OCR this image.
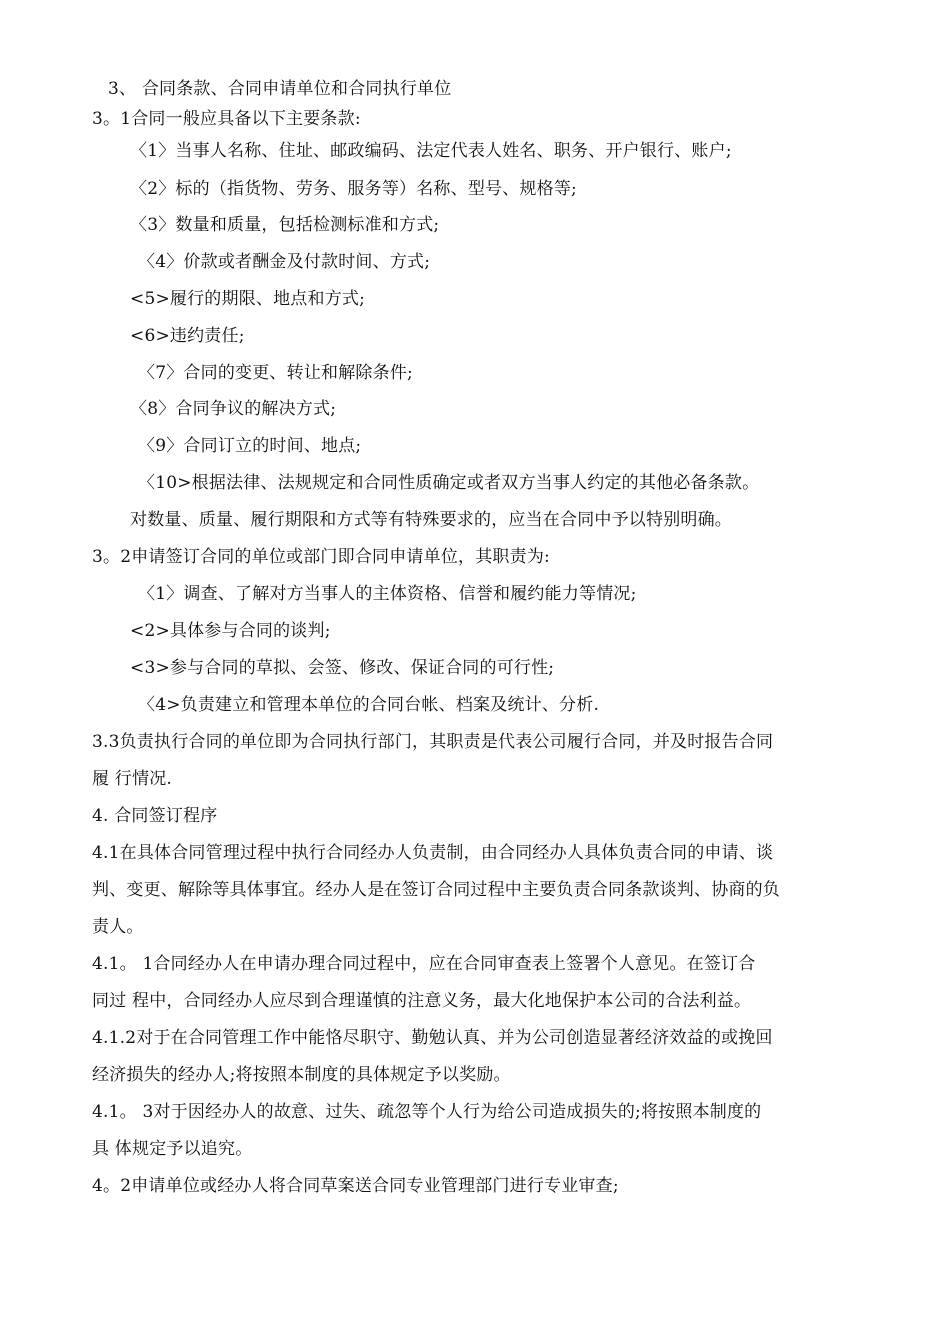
3、 合同条款、合同申请单位和合同执行单位
3。1合同一般应具备以下主要条款:
〈1〉当事人名称、住址、邮政编码、法定代表人姓名、职务、开户银行、账户;
〈2〉标的（指货物、劳务、服务等）名称、型号、规格等;
〈3〉数量和质量，包括检测标准和方式;
〈4〉价款或者酬金及付款时间、方式;
<5>履行的期限、地点和方式;
<6>违约责任;
〈7〉合同的变更、转让和解除条件;
〈8〉合同争议的解决方式;
〈9〉合同订立的时间、地点;
〈10>根据法律、法规规定和合同性质确定或者双方当事人约定的其他必备条款。
对数量、质量、履行期限和方式等有特殊要求的，应当在合同中予以特别明确。
3。2申请签订合同的单位或部门即合同申请单位，其职责为:
〈1〉调查、了解对方当事人的主体资格、信誉和履约能力等情况;
<2>具体参与合同的谈判;
<3>参与合同的草拟、会签、修改、保证合同的可行性;
〈4>负责建立和管理本单位的合同台帐、档案及统计、分析.
3.3负责执行合同的单位即为合同执行部门，其职责是代表公司履行合同，并及时报告合同
履 行情况.
4. 合同签订程序
4.1在具体合同管理过程中执行合同经办人负责制，由合同经办人具体负责合同的申请、谈
判、变更、解除等具体事宜。经办人是在签订合同过程中主要负责合同条款谈判、协商的负
责人。
4.1。 1合同经办人在申请办理合同过程中，应在合同审查表上签署个人意见。在签订合
同过 程中，合同经办人应尽到合理谨慎的注意义务，最大化地保护本公司的合法利益。
4.1.2对于在合同管理工作中能恪尽职守、勤勉认真、并为公司创造显著经济效益的或挽回
经济损失的经办人;将按照本制度的具体规定予以奖励。
4.1。 3对于因经办人的故意、过失、疏忽等个人行为给公司造成损失的;将按照本制度的
具 体规定予以追究。
4。2申请单位或经办人将合同草案送合同专业管理部门进行专业审查;
